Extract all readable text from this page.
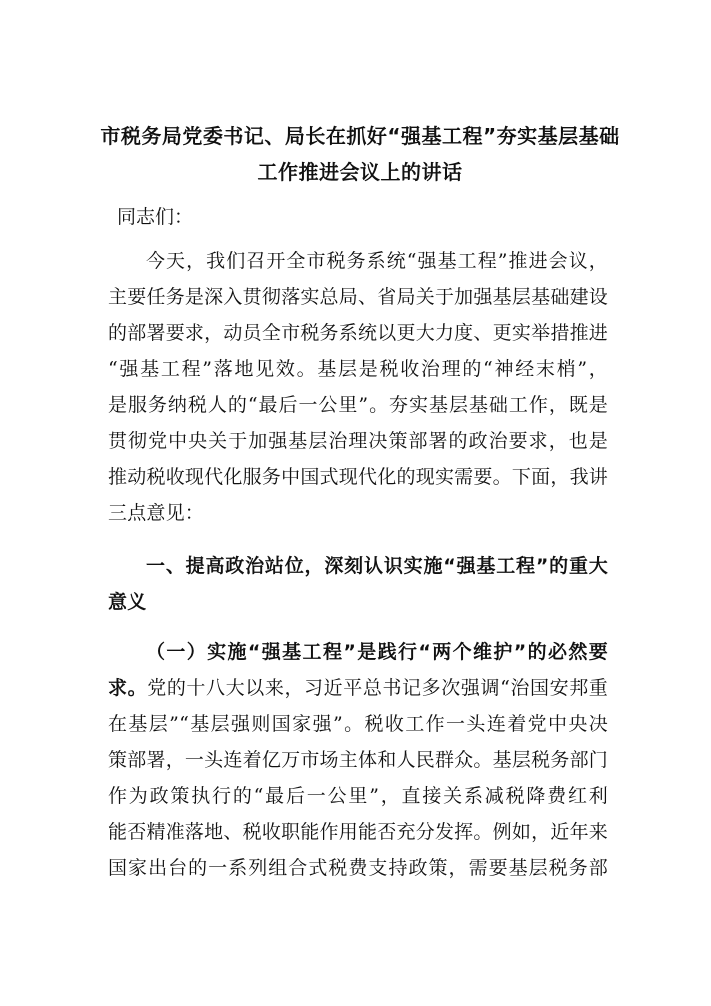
市税务局党委书记、局长在抓好“强基工程”夯实基层基础
工作推进会议上的讲话
同志们：
今天，我们召开全市税务系统“强基工程”推进会议，
主要任务是深入贯彻落实总局、省局关于加强基层基础建设
的部署要求，动员全市税务系统以更大力度、更实举措推进
“强基工程”落地见效。基层是税收治理的“神经末梢”，
是服务纳税人的“最后一公里”。夯实基层基础工作，既是
贯彻党中央关于加强基层治理决策部署的政治要求，也是
推动税收现代化服务中国式现代化的现实需要。下面，我讲
三点意见：
一、提高政治站位，深刻认识实施“强基工程”的重大
意义
（一）实施“强基工程”是践行“两个维护”的必然要
求。党的十八大以来，习近平总书记多次强调“治国安邦重
在基层”“基层强则国家强”。税收工作一头连着党中央决
策部署，一头连着亿万市场主体和人民群众。基层税务部门
作为政策执行的“最后一公里”，直接关系减税降费红利
能否精准落地、税收职能作用能否充分发挥。例如，近年来
国家出台的一系列组合式税费支持政策，需要基层税务部
